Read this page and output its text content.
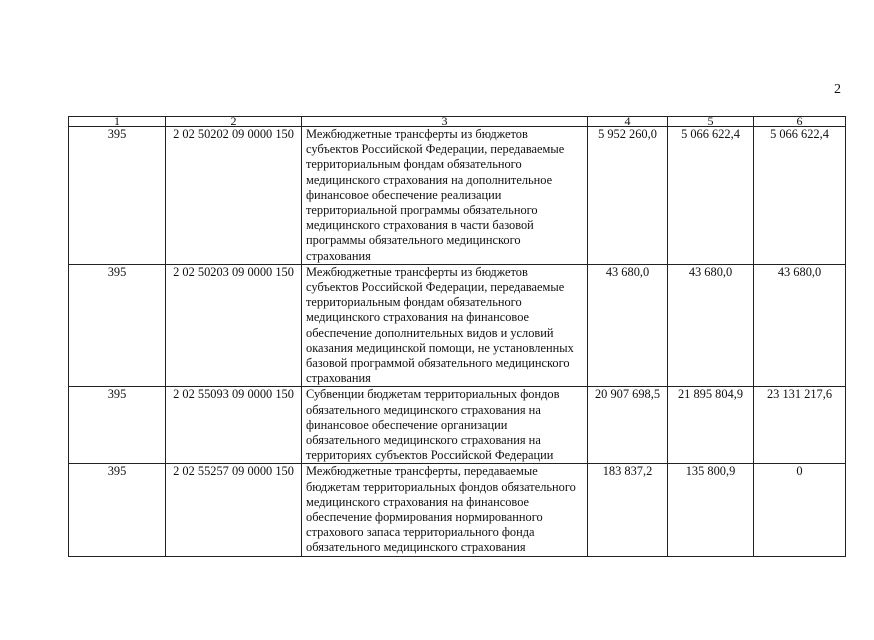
2
1	2	3	4	5	6
395	2 02 50202 09 0000 150	Межбюджетные трансферты из бюджетов субъектов Российской Федерации, передаваемые территориальным фондам обязательного медицинского страхования на дополнительное финансовое обеспечение реализации территориальной программы обязательного медицинского страхования в части базовой программы обязательного медицинского страхования	5 952 260,0	5 066 622,4	5 066 622,4
395	2 02 50203 09 0000 150	Межбюджетные трансферты из бюджетов субъектов Российской Федерации, передаваемые территориальным фондам обязательного медицинского страхования на финансовое обеспечение дополнительных видов и условий оказания медицинской помощи, не установленных базовой программой обязательного медицинского страхования	43 680,0	43 680,0	43 680,0
395	2 02 55093 09 0000 150	Субвенции бюджетам территориальных фондов обязательного медицинского страхования на финансовое обеспечение организации обязательного медицинского страхования на территориях субъектов Российской Федерации	20 907 698,5	21 895 804,9	23 131 217,6
395	2 02 55257 09 0000 150	Межбюджетные трансферты, передаваемые бюджетам территориальных фондов обязательного медицинского страхования на финансовое обеспечение формирования нормированного страхового запаса территориального фонда обязательного медицинского страхования	183 837,2	135 800,9	0
